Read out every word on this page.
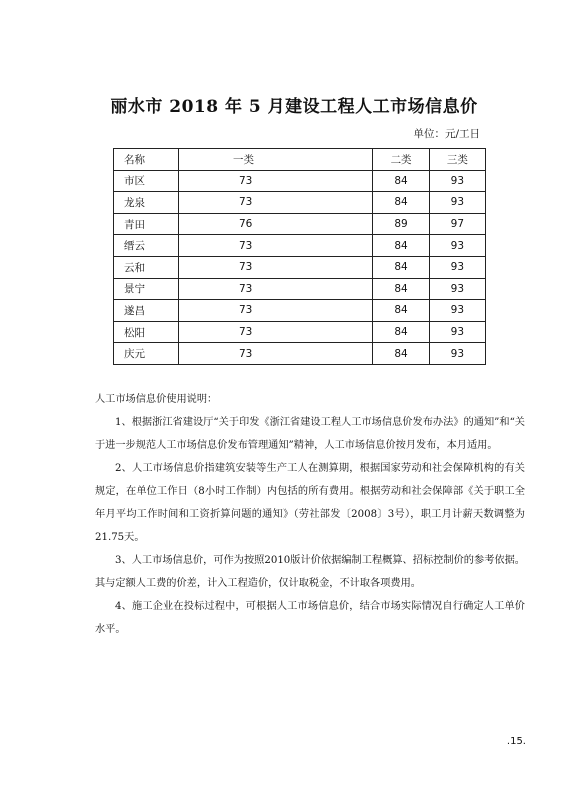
丽水市 2018 年 5 月建设工程人工市场信息价
单位：元/工日
名称	一类	二类	三类
市区	73	84	93
龙泉	73	84	93
青田	76	89	97
缙云	73	84	93
云和	73	84	93
景宁	73	84	93
遂昌	73	84	93
松阳	73	84	93
庆元	73	84	93

人工市场信息价使用说明：

1、根据浙江省建设厅“关于印发《浙江省建设工程人工市场信息价发布办法》的通知”和“关于进一步规范人工市场信息价发布管理通知”精神，人工市场信息价按月发布，本月适用。

2、人工市场信息价指建筑安装等生产工人在测算期，根据国家劳动和社会保障机构的有关规定，在单位工作日（8小时工作制）内包括的所有费用。根据劳动和社会保障部《关于职工全年月平均工作时间和工资折算问题的通知》（劳社部发〔2008〕3号），职工月计薪天数调整为21.75天。

3、人工市场信息价，可作为按照2010版计价依据编制工程概算、招标控制价的参考依据。其与定额人工费的价差，计入工程造价，仅计取税金，不计取各项费用。

4、施工企业在投标过程中，可根据人工市场信息价，结合市场实际情况自行确定人工单价水平。

.15.
